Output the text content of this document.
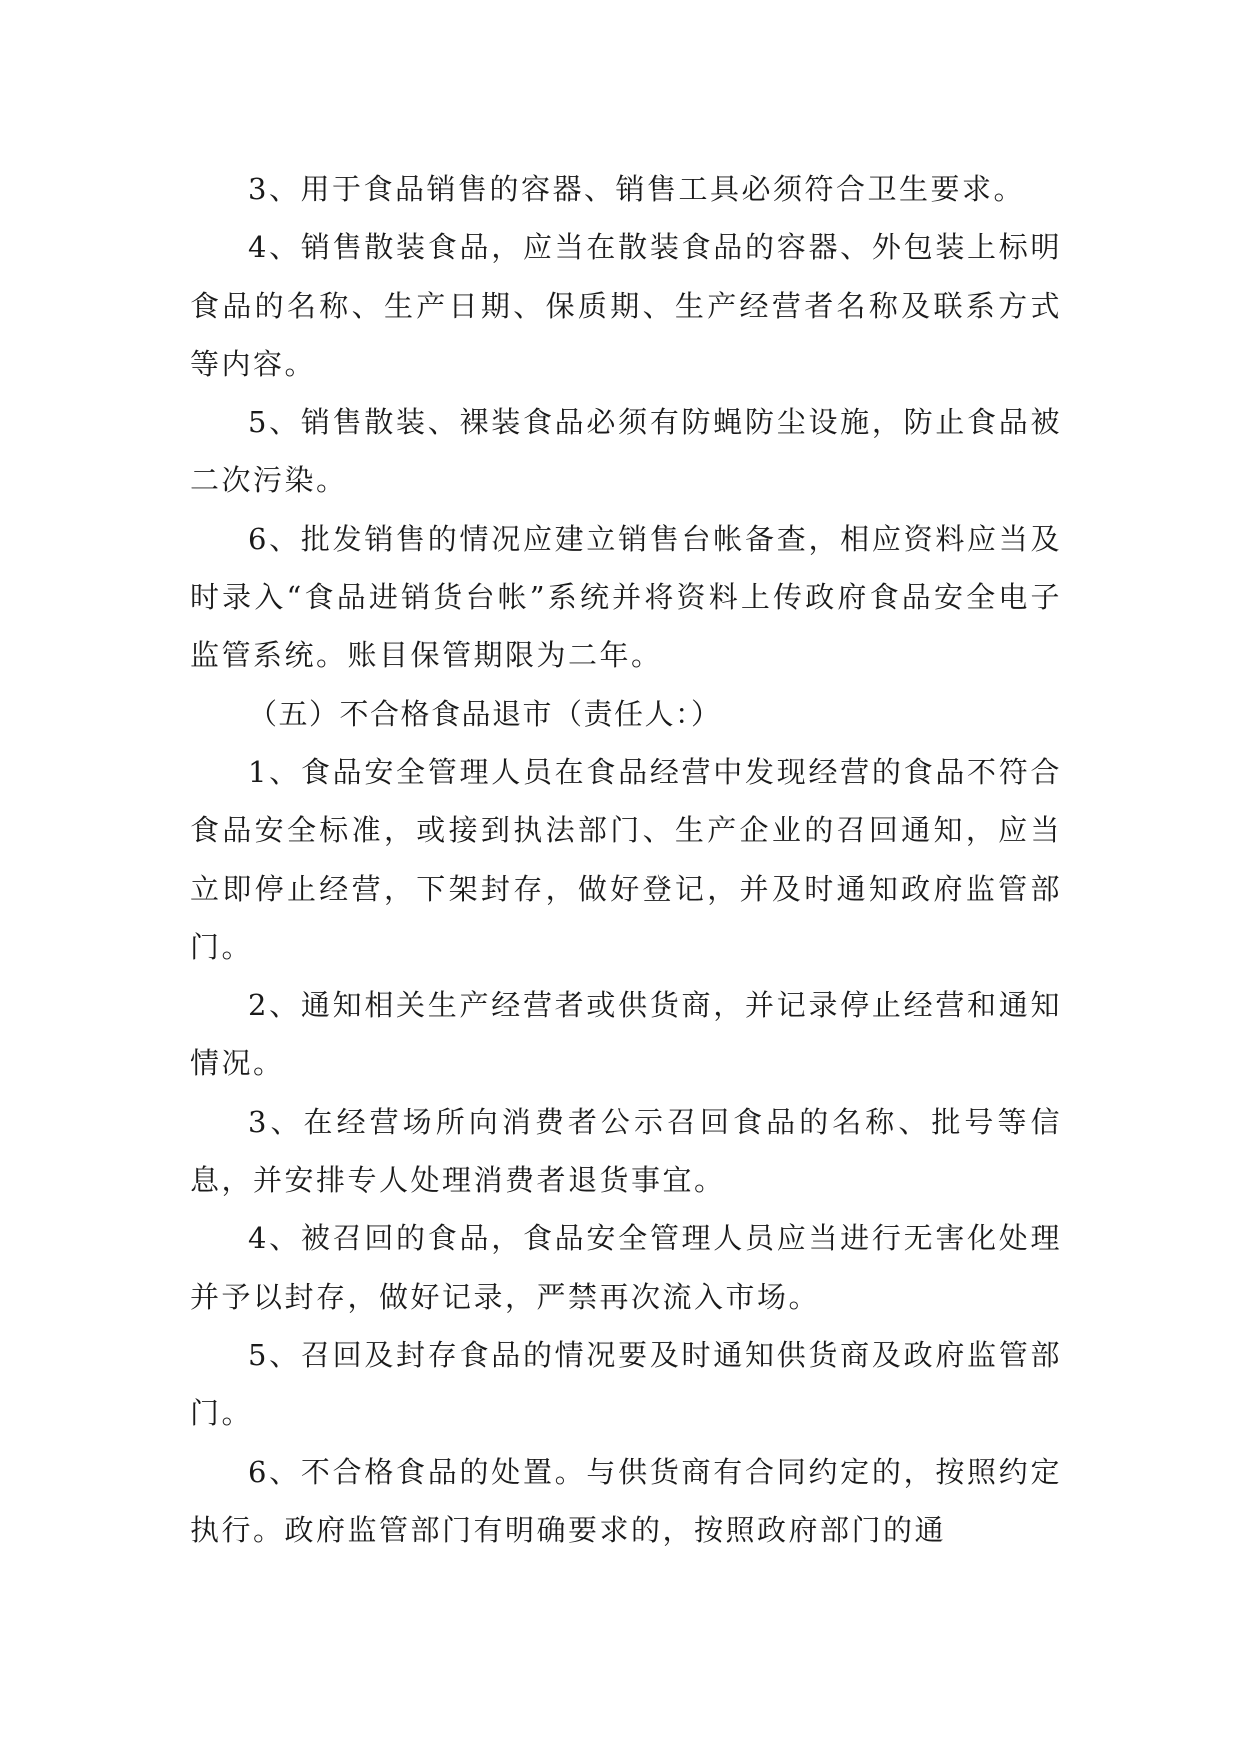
3、用于食品销售的容器、销售工具必须符合卫生要求。

4、销售散装食品，应当在散装食品的容器、外包装上标明食品的名称、生产日期、保质期、生产经营者名称及联系方式等内容。

5、销售散装、裸装食品必须有防蝇防尘设施，防止食品被二次污染。

6、批发销售的情况应建立销售台帐备查，相应资料应当及时录入“食品进销货台帐”系统并将资料上传政府食品安全电子监管系统。账目保管期限为二年。

（五）不合格食品退市（责任人：）

1、食品安全管理人员在食品经营中发现经营的食品不符合食品安全标准，或接到执法部门、生产企业的召回通知，应当立即停止经营，下架封存，做好登记，并及时通知政府监管部门。

2、通知相关生产经营者或供货商，并记录停止经营和通知情况。

3、在经营场所向消费者公示召回食品的名称、批号等信息，并安排专人处理消费者退货事宜。

4、被召回的食品，食品安全管理人员应当进行无害化处理并予以封存，做好记录，严禁再次流入市场。

5、召回及封存食品的情况要及时通知供货商及政府监管部门。

6、不合格食品的处置。与供货商有合同约定的，按照约定执行。政府监管部门有明确要求的，按照政府部门的通
